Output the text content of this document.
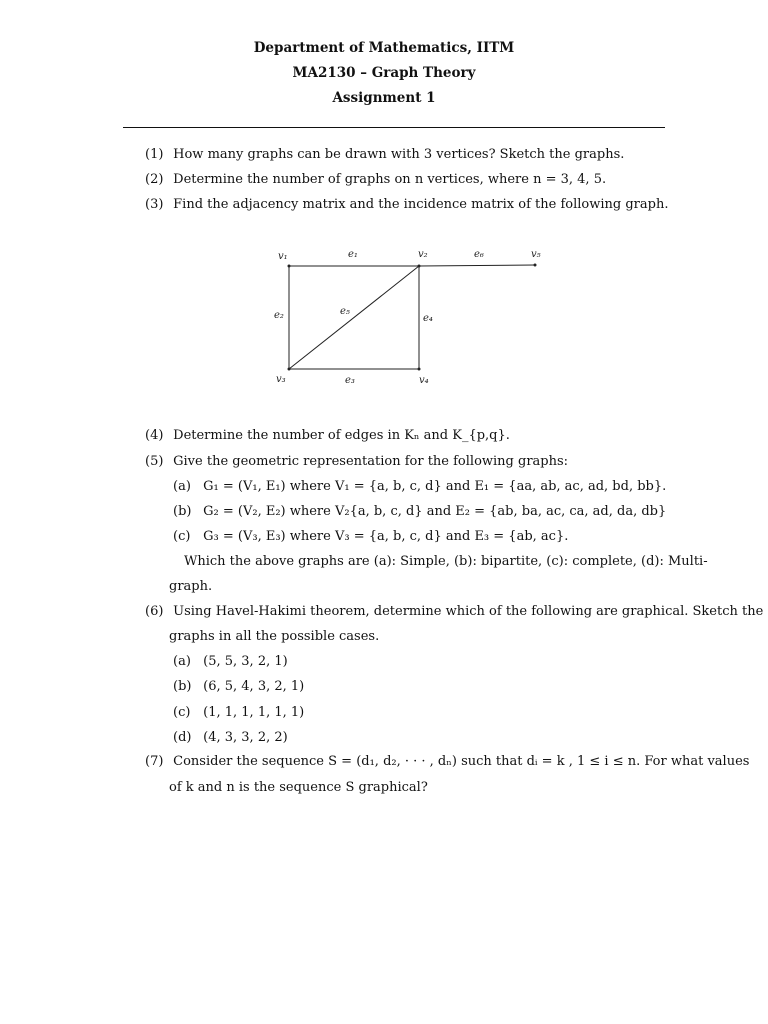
Department of Mathematics, IITM
MA2130 – Graph Theory
Assignment 1
(1) How many graphs can be drawn with 3 vertices? Sketch the graphs.
(2) Determine the number of graphs on n vertices, where n = 3, 4, 5.
(3) Find the adjacency matrix and the incidence matrix of the following graph.
v₁	v₂	v₅
v₃	v₄
e₁	e₆
e₂	e₅
e₄
e₃
(4) Determine the number of edges in Kₙ and K_{p,q}.
(5) Give the geometric representation for the following graphs:
(a) G₁ = (V₁, E₁) where V₁ = {a, b, c, d} and E₁ = {aa, ab, ac, ad, bd, bb}.
(b) G₂ = (V₂, E₂) where V₂{a, b, c, d} and E₂ = {ab, ba, ac, ca, ad, da, db}
(c) G₃ = (V₃, E₃) where V₃ = {a, b, c, d} and E₃ = {ab, ac}.
Which the above graphs are (a): Simple, (b): bipartite, (c): complete, (d): Multi-
graph.
(6) Using Havel-Hakimi theorem, determine which of the following are graphical. Sketch the
graphs in all the possible cases.
(a) (5, 5, 3, 2, 1)
(b) (6, 5, 4, 3, 2, 1)
(c) (1, 1, 1, 1, 1, 1)
(d) (4, 3, 3, 2, 2)
(7) Consider the sequence S = (d₁, d₂, · · · , dₙ) such that dᵢ = k , 1 ≤ i ≤ n. For what values
of k and n is the sequence S graphical?
